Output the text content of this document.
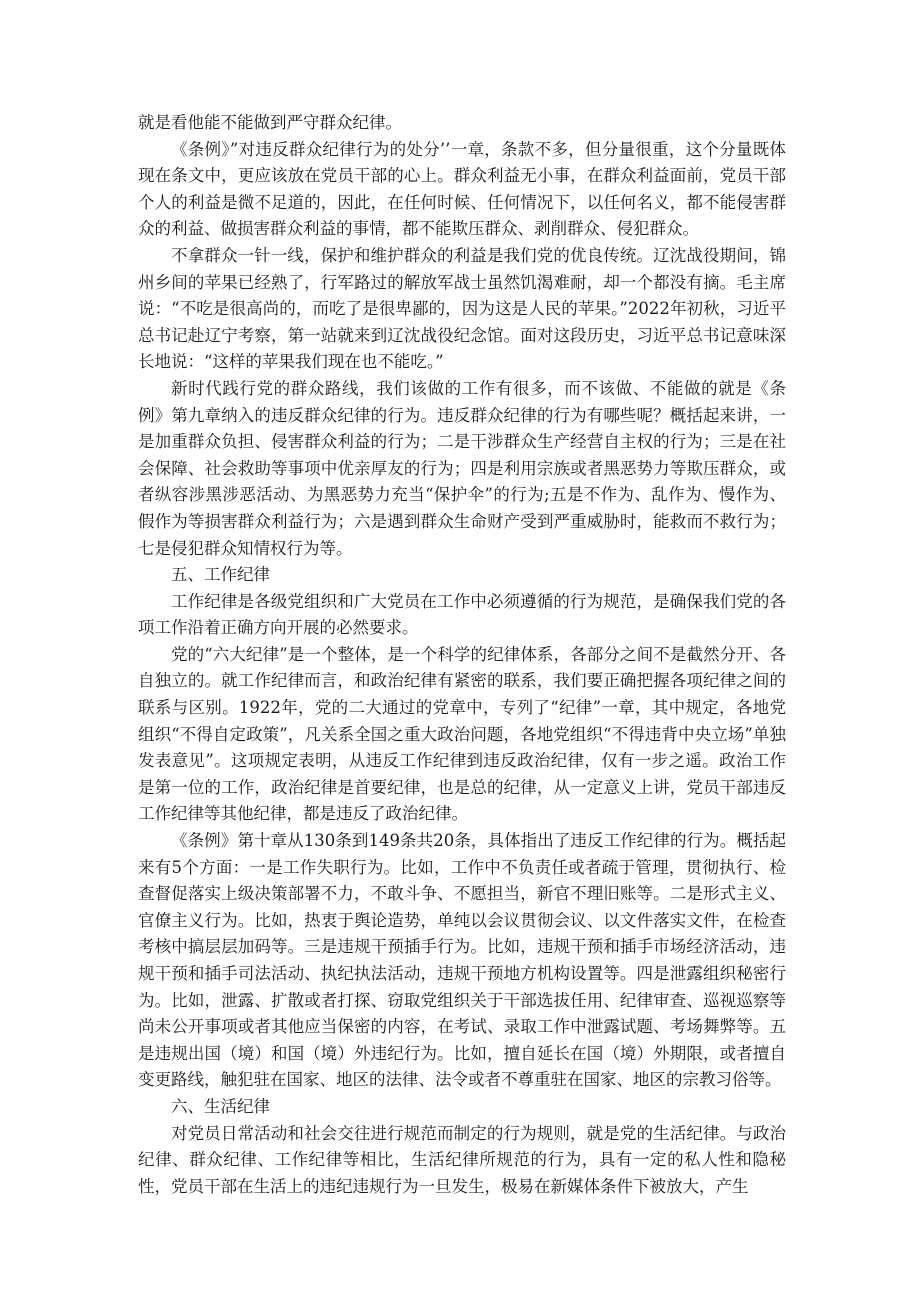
就是看他能不能做到严守群众纪律。

《条例》”对违反群众纪律行为的处分’’一章，条款不多，但分量很重，这个分量既体现在条文中，更应该放在党员干部的心上。群众利益无小事，在群众利益面前，党员干部个人的利益是微不足道的，因此，在任何时候、任何情况下，以任何名义，都不能侵害群众的利益、做损害群众利益的事情，都不能欺压群众、剥削群众、侵犯群众。

不拿群众一针一线，保护和维护群众的利益是我们党的优良传统。辽沈战役期间，锦州乡间的苹果已经熟了，行军路过的解放军战士虽然饥渴难耐，却一个都没有摘。毛主席说：“不吃是很高尚的，而吃了是很卑鄙的，因为这是人民的苹果。”2022年初秋，习近平总书记赴辽宁考察，第一站就来到辽沈战役纪念馆。面对这段历史，习近平总书记意味深长地说：“这样的苹果我们现在也不能吃。”

新时代践行党的群众路线，我们该做的工作有很多，而不该做、不能做的就是《条例》第九章纳入的违反群众纪律的行为。违反群众纪律的行为有哪些呢？概括起来讲，一是加重群众负担、侵害群众利益的行为；二是干涉群众生产经营自主权的行为；三是在社会保障、社会救助等事项中优亲厚友的行为；四是利用宗族或者黑恶势力等欺压群众，或者纵容涉黑涉恶活动、为黑恶势力充当“保护伞”的行为;五是不作为、乱作为、慢作为、假作为等损害群众利益行为；六是遇到群众生命财产受到严重威胁时，能救而不救行为；七是侵犯群众知情权行为等。

五、工作纪律

工作纪律是各级党组织和广大党员在工作中必须遵循的行为规范，是确保我们党的各项工作沿着正确方向开展的必然要求。

党的“六大纪律”是一个整体，是一个科学的纪律体系，各部分之间不是截然分开、各自独立的。就工作纪律而言，和政治纪律有紧密的联系，我们要正确把握各项纪律之间的联系与区别。1922年，党的二大通过的党章中，专列了“纪律”一章，其中规定，各地党组织“不得自定政策”，凡关系全国之重大政治问题，各地党组织“不得违背中央立场”单独发表意见”。这项规定表明，从违反工作纪律到违反政治纪律，仅有一步之遥。政治工作是第一位的工作，政治纪律是首要纪律，也是总的纪律，从一定意义上讲，党员干部违反工作纪律等其他纪律，都是违反了政治纪律。

《条例》第十章从130条到149条共20条，具体指出了违反工作纪律的行为。概括起来有5个方面：一是工作失职行为。比如，工作中不负责任或者疏于管理，贯彻执行、检查督促落实上级决策部署不力，不敢斗争、不愿担当，新官不理旧账等。二是形式主义、官僚主义行为。比如，热衷于舆论造势，单纯以会议贯彻会议、以文件落实文件，在检查考核中搞层层加码等。三是违规干预插手行为。比如，违规干预和插手市场经济活动，违规干预和插手司法活动、执纪执法活动，违规干预地方机构设置等。四是泄露组织秘密行为。比如，泄露、扩散或者打探、窃取党组织关于干部选拔任用、纪律审查、巡视巡察等尚未公开事项或者其他应当保密的内容，在考试、录取工作中泄露试题、考场舞弊等。五是违规出国（境）和国（境）外违纪行为。比如，擅自延长在国（境）外期限，或者擅自变更路线，触犯驻在国家、地区的法律、法令或者不尊重驻在国家、地区的宗教习俗等。

六、生活纪律

对党员日常活动和社会交往进行规范而制定的行为规则，就是党的生活纪律。与政治纪律、群众纪律、工作纪律等相比，生活纪律所规范的行为，具有一定的私人性和隐秘性，党员干部在生活上的违纪违规行为一旦发生，极易在新媒体条件下被放大，产生
